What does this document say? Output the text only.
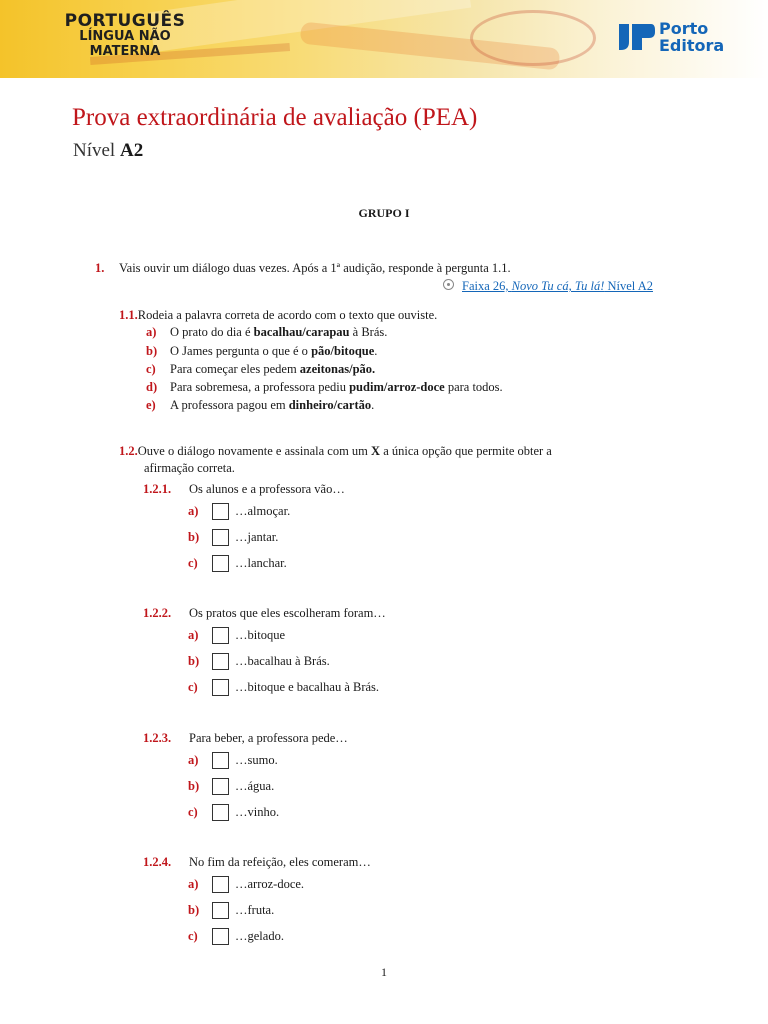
PORTUGUÊS
LÍNGUA NÃO
MATERNA
Porto
Editora
Prova extraordinária de avaliação (PEA)
Nível A2
GRUPO I
1. Vais ouvir um diálogo duas vezes. Após a 1ª audição, responde à pergunta 1.1.
Faixa 26, Novo Tu cá, Tu lá! Nível A2
1.1.Rodeia a palavra correta de acordo com o texto que ouviste.
a) O prato do dia é bacalhau/carapau à Brás.
b) O James pergunta o que é o pão/bitoque.
c) Para começar eles pedem azeitonas/pão.
d) Para sobremesa, a professora pediu pudim/arroz-doce para todos.
e) A professora pagou em dinheiro/cartão.
1.2.Ouve o diálogo novamente e assinala com um X a única opção que permite obter a
afirmação correta.
1.2.1. Os alunos e a professora vão…
a)	…almoçar.
b)	…jantar.
c)	…lanchar.
1.2.2. Os pratos que eles escolheram foram…
a)	…bitoque
b)	…bacalhau à Brás.
c)	…bitoque e bacalhau à Brás.
1.2.3. Para beber, a professora pede…
a)	…sumo.
b)	…água.
c)	…vinho.
1.2.4. No fim da refeição, eles comeram…
a)	…arroz-doce.
b)	…fruta.
c)	…gelado.
1
